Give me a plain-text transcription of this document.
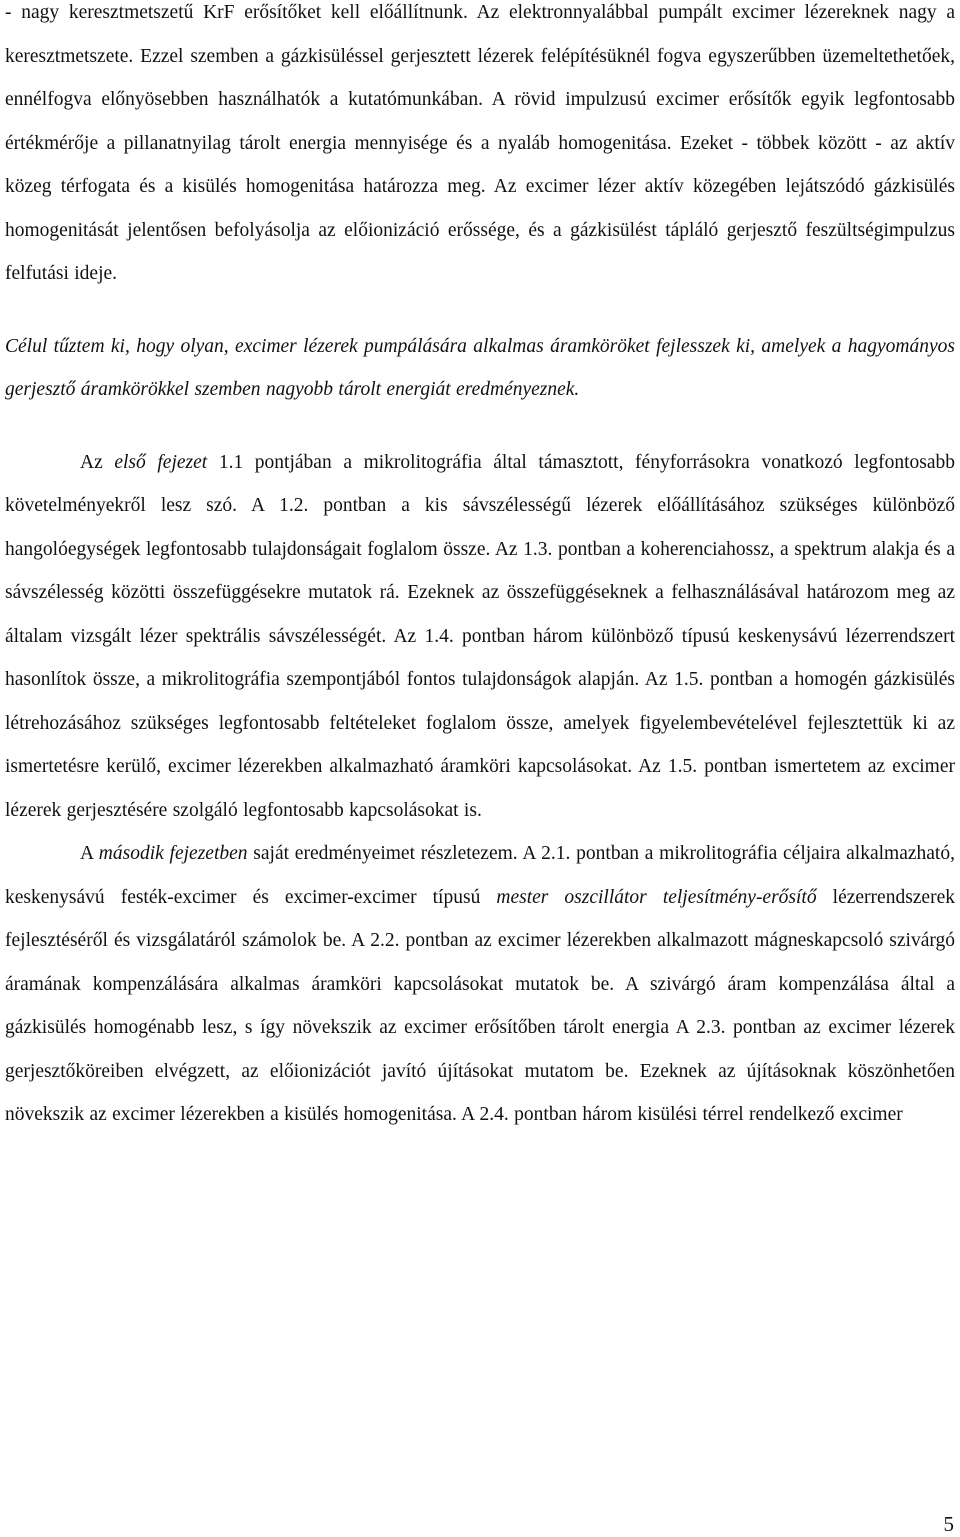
- nagy keresztmetszetű KrF erősítőket kell előállítnunk. Az elektronnyalábbal pumpált excimer lézereknek nagy a keresztmetszete. Ezzel szemben a gázkisüléssel gerjesztett lézerek felépítésüknél fogva egyszerűbben üzemeltethetőek, ennélfogva előnyösebben használhatók a kutatómunkában. A rövid impulzusú excimer erősítők egyik legfontosabb értékmérője a pillanatnyilag tárolt energia mennyisége és a nyaláb homogenitása. Ezeket - többek között - az aktív közeg térfogata és a kisülés homogenitása határozza meg. Az excimer lézer aktív közegében lejátszódó gázkisülés homogenitását jelentősen befolyásolja az előionizáció erőssége, és a gázkisülést tápláló gerjesztő feszültségimpulzus felfutási ideje.

Célul tűztem ki, hogy olyan, excimer lézerek pumpálására alkalmas áramköröket fejlesszek ki, amelyek a hagyományos gerjesztő áramkörökkel szemben nagyobb tárolt energiát eredményeznek.

Az első fejezet 1.1 pontjában a mikrolitográfia által támasztott, fényforrásokra vonatkozó legfontosabb követelményekről lesz szó. A 1.2. pontban a kis sávszélességű lézerek előállításához szükséges különböző hangolóegységek legfontosabb tulajdonságait foglalom össze. Az 1.3. pontban a koherenciahossz, a spektrum alakja és a sávszélesség közötti összefüggésekre mutatok rá. Ezeknek az összefüggéseknek a felhasználásával határozom meg az általam vizsgált lézer spektrális sávszélességét. Az 1.4. pontban három különböző típusú keskenysávú lézerrendszert hasonlítok össze, a mikrolitográfia szempontjából fontos tulajdonságok alapján. Az 1.5. pontban a homogén gázkisülés létrehozásához szükséges legfontosabb feltételeket foglalom össze, amelyek figyelembevételével fejlesztettük ki az ismertetésre kerülő, excimer lézerekben alkalmazható áramköri kapcsolásokat. Az 1.5. pontban ismertetem az excimer lézerek gerjesztésére szolgáló legfontosabb kapcsolásokat is.

A második fejezetben saját eredményeimet részletezem. A 2.1. pontban a mikrolitográfia céljaira alkalmazható, keskenysávú festék-excimer és excimer-excimer típusú mester oszcillátor teljesítmény-erősítő lézerrendszerek fejlesztéséről és vizsgálatáról számolok be. A 2.2. pontban az excimer lézerekben alkalmazott mágneskapcsoló szivárgó áramának kompenzálására alkalmas áramköri kapcsolásokat mutatok be. A szivárgó áram kompenzálása által a gázkisülés homogénabb lesz, s így növekszik az excimer erősítőben tárolt energia A 2.3. pontban az excimer lézerek gerjesztőköreiben elvégzett, az előionizációt javító újításokat mutatom be. Ezeknek az újításoknak köszönhetően növekszik az excimer lézerekben a kisülés homogenitása. A 2.4. pontban három kisülési térrel rendelkező excimer

5
